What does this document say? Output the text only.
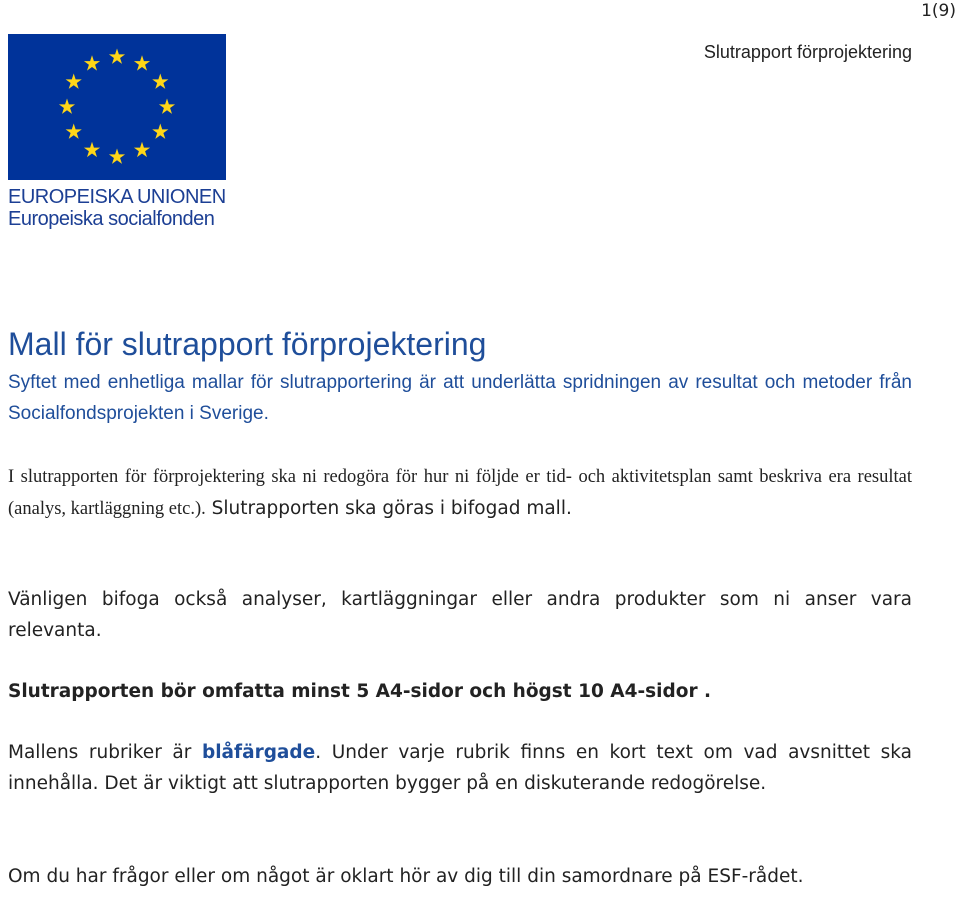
1(9)
Slutrapport förprojektering
EUROPEISKA UNIONEN
Europeiska socialfonden
Mall för slutrapport förprojektering

Syftet med enhetliga mallar för slutrapportering är att underlätta spridningen av resultat och metoder från Socialfondsprojekten i Sverige.

I slutrapporten för förprojektering ska ni redogöra för hur ni följde er tid- och aktivitetsplan samt beskriva era resultat (analys, kartläggning etc.). Slutrapporten ska göras i bifogad mall.

Vänligen bifoga också analyser, kartläggningar eller andra produkter som ni anser vara relevanta.

Slutrapporten bör omfatta minst 5 A4-sidor och högst 10 A4-sidor .

Mallens rubriker är blåfärgade. Under varje rubrik finns en kort text om vad avsnittet ska innehålla. Det är viktigt att slutrapporten bygger på en diskuterande redogörelse.

Om du har frågor eller om något är oklart hör av dig till din samordnare på ESF-rådet.
